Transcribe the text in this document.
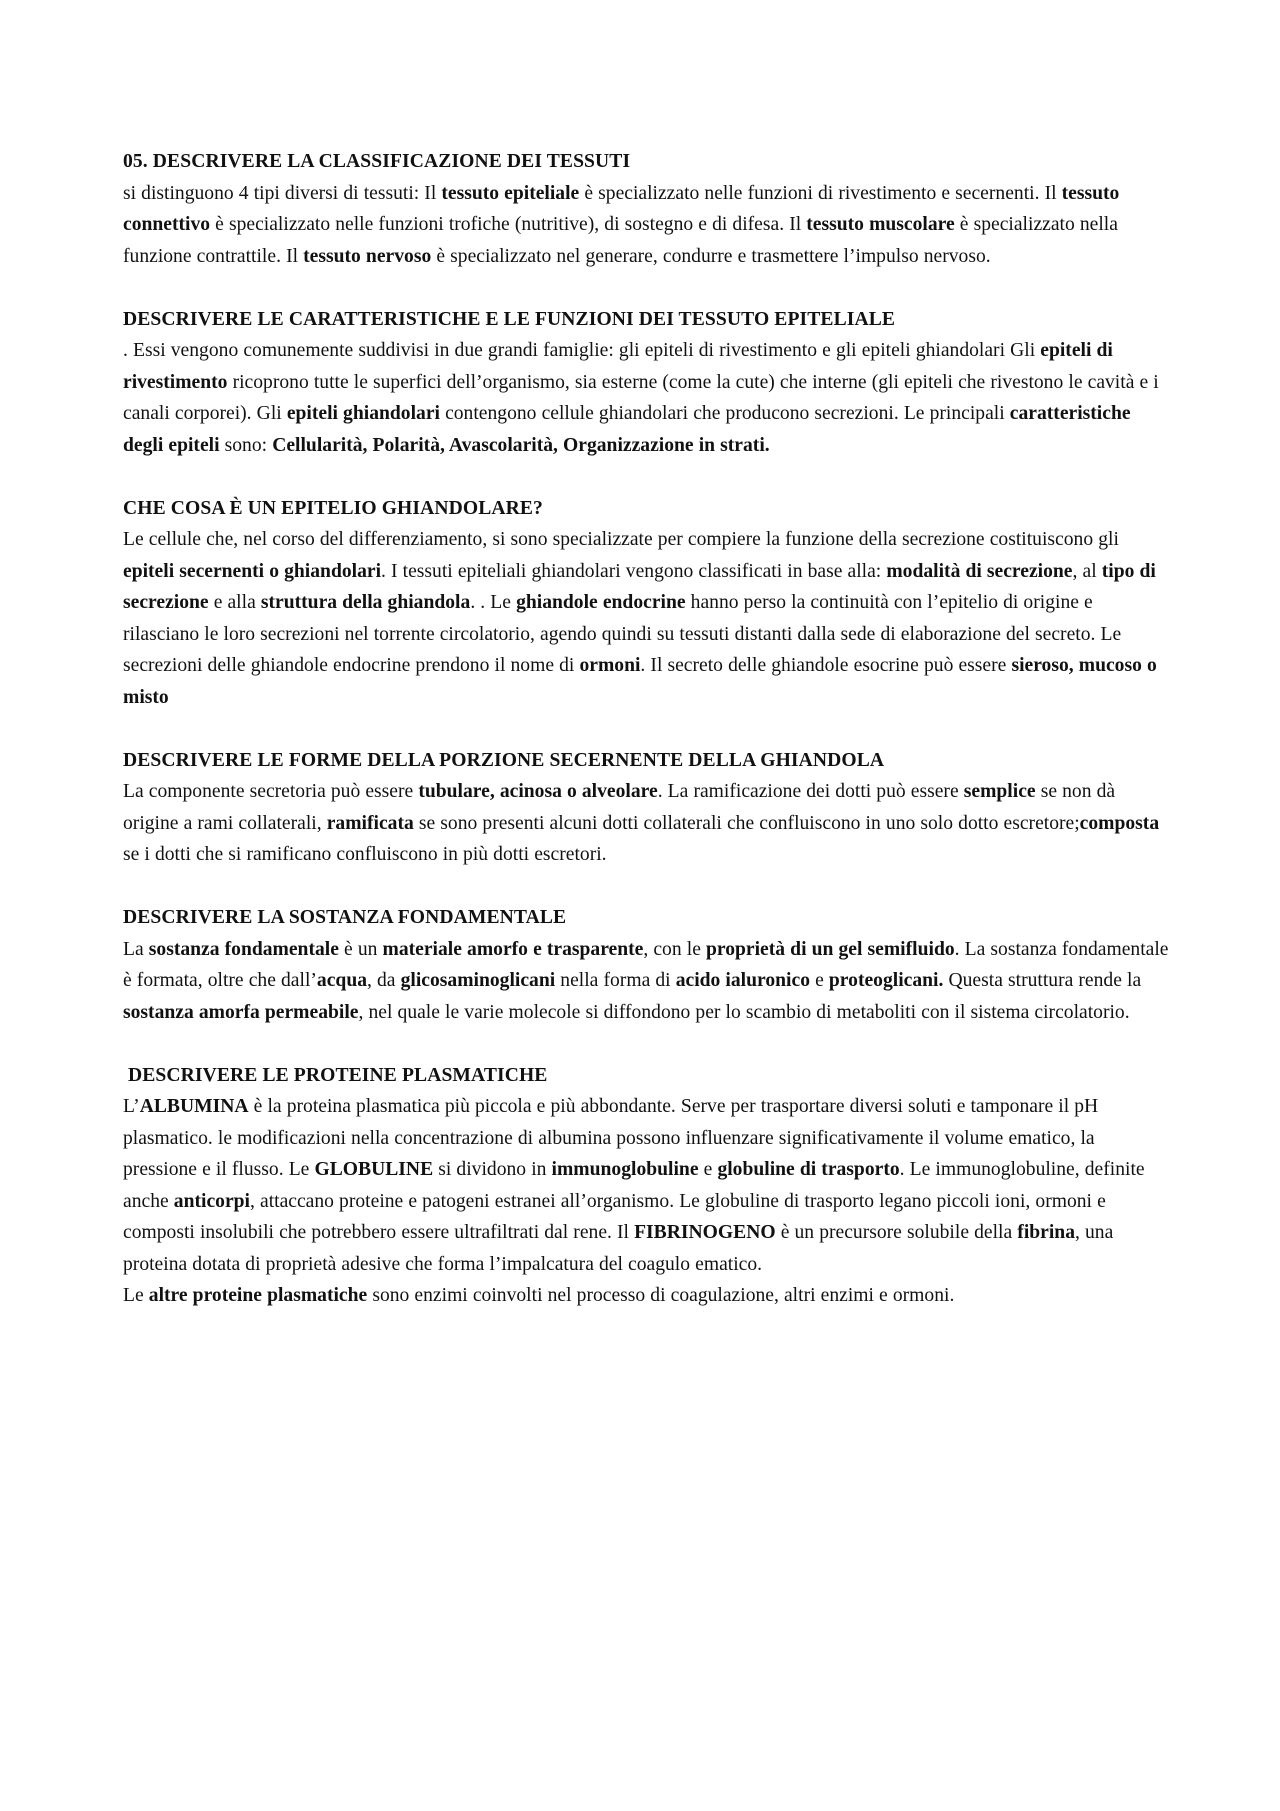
05. DESCRIVERE LA CLASSIFICAZIONE DEI TESSUTI
si distinguono 4 tipi diversi di tessuti: Il tessuto epiteliale è specializzato nelle funzioni di rivestimento e secernenti. Il tessuto connettivo è specializzato nelle funzioni trofiche (nutritive), di sostegno e di difesa. Il tessuto muscolare è specializzato nella funzione contrattile. Il tessuto nervoso è specializzato nel generare, condurre e trasmettere l’impulso nervoso.
DESCRIVERE LE CARATTERISTICHE E LE FUNZIONI DEI TESSUTO EPITELIALE
. Essi vengono comunemente suddivisi in due grandi famiglie: gli epiteli di rivestimento e gli epiteli ghiandolari Gli epiteli di rivestimento ricoprono tutte le superfici dell’organismo, sia esterne (come la cute) che interne (gli epiteli che rivestono le cavità e i canali corporei). Gli epiteli ghiandolari contengono cellule ghiandolari che producono secrezioni. Le principali caratteristiche degli epiteli sono: Cellularità, Polarità, Avascolarità, Organizzazione in strati.
CHE COSA È UN EPITELIO GHIANDOLARE?
Le cellule che, nel corso del differenziamento, si sono specializzate per compiere la funzione della secrezione costituiscono gli epiteli secernenti o ghiandolari. I tessuti epiteliali ghiandolari vengono classificati in base alla: modalità di secrezione, al tipo di secrezione e alla struttura della ghiandola. . Le ghiandole endocrine hanno perso la continuità con l’epitelio di origine e rilasciano le loro secrezioni nel torrente circolatorio, agendo quindi su tessuti distanti dalla sede di elaborazione del secreto. Le secrezioni delle ghiandole endocrine prendono il nome di ormoni. Il secreto delle ghiandole esocrine può essere sieroso, mucoso o misto
DESCRIVERE LE FORME DELLA PORZIONE SECERNENTE DELLA GHIANDOLA
La componente secretoria può essere tubulare, acinosa o alveolare. La ramificazione dei dotti può essere semplice se non dà origine a rami collaterali, ramificata se sono presenti alcuni dotti collaterali che confluiscono in uno solo dotto escretore;composta se i dotti che si ramificano confluiscono in più dotti escretori.
DESCRIVERE LA SOSTANZA FONDAMENTALE
La sostanza fondamentale è un materiale amorfo e trasparente, con le proprietà di un gel semifluido. La sostanza fondamentale è formata, oltre che dall’acqua, da glicosaminoglicani nella forma di acido ialuronico e proteoglicani. Questa struttura rende la sostanza amorfa permeabile, nel quale le varie molecole si diffondono per lo scambio di metaboliti con il sistema circolatorio.
DESCRIVERE LE PROTEINE PLASMATICHE
L’ALBUMINA è la proteina plasmatica più piccola e più abbondante. Serve per trasportare diversi soluti e tamponare il pH plasmatico. le modificazioni nella concentrazione di albumina possono influenzare significativamente il volume ematico, la pressione e il flusso. Le GLOBULINE si dividono in immunoglobuline e globuline di trasporto. Le immunoglobuline, definite anche anticorpi, attaccano proteine e patogeni estranei all’organismo. Le globuline di trasporto legano piccoli ioni, ormoni e composti insolubili che potrebbero essere ultrafiltrati dal rene. Il FIBRINOGENO è un precursore solubile della fibrina, una proteina dotata di proprietà adesive che forma l’impalcatura del coagulo ematico.
Le altre proteine plasmatiche sono enzimi coinvolti nel processo di coagulazione, altri enzimi e ormoni.
